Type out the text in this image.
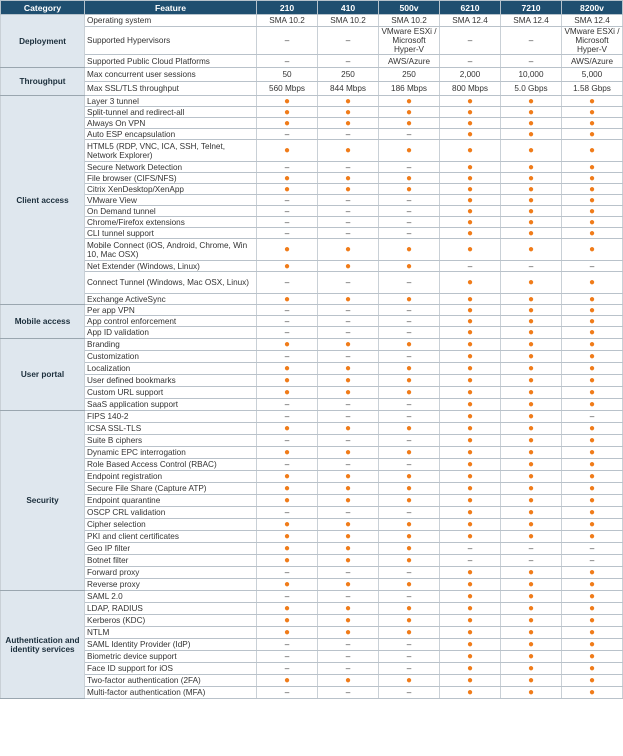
Category	Feature	210	410	500v	6210	7210	8200v
Deployment	Operating system	SMA 10.2	SMA 10.2	SMA 10.2	SMA 12.4	SMA 12.4	SMA 12.4
	Supported Hypervisors	–	–	VMware ESXi / Microsoft Hyper-V	–	–	VMware ESXi / Microsoft Hyper-V
	Supported Public Cloud Platforms	–	–	AWS/Azure	–	–	AWS/Azure
Throughput	Max concurrent user sessions	50	250	250	2,000	10,000	5,000
	Max SSL/TLS throughput	560 Mbps	844 Mbps	186 Mbps	800 Mbps	5.0 Gbps	1.58 Gbps
Client access	Layer 3 tunnel	●	●	●	●	●	●
	Split-tunnel and redirect-all	●	●	●	●	●	●
	Always On VPN	●	●	●	●	●	●
	Auto ESP encapsulation	–	–	–	●	●	●
	HTML5 (RDP, VNC, ICA, SSH, Telnet, Network Explorer)	●	●	●	●	●	●
	Secure Network Detection	–	–	–	●	●	●
	File browser (CIFS/NFS)	●	●	●	●	●	●
	Citrix XenDesktop/XenApp	●	●	●	●	●	●
	VMware View	–	–	–	●	●	●
	On Demand tunnel	–	–	–	●	●	●
	Chrome/Firefox extensions	–	–	–	●	●	●
	CLI tunnel support	–	–	–	●	●	●
	Mobile Connect (iOS, Android, Chrome, Win 10, Mac OSX)	●	●	●	●	●	●
	Net Extender (Windows, Linux)	●	●	●	–	–	–
	Connect Tunnel (Windows, Mac OSX, Linux)	–	–	–	●	●	●
	Exchange ActiveSync	●	●	●	●	●	●
Mobile access	Per app VPN	–	–	–	●	●	●
	App control enforcement	–	–	–	●	●	●
	App ID validation	–	–	–	●	●	●
User portal	Branding	●	●	●	●	●	●
	Customization	–	–	–	●	●	●
	Localization	●	●	●	●	●	●
	User defined bookmarks	●	●	●	●	●	●
	Custom URL support	●	●	●	●	●	●
	SaaS application support	–	–	–	●	●	●
Security	FIPS 140-2	–	–	–	●	●	–
	ICSA SSL-TLS	●	●	●	●	●	●
	Suite B ciphers	–	–	–	●	●	●
	Dynamic EPC interrogation	●	●	●	●	●	●
	Role Based Access Control (RBAC)	–	–	–	●	●	●
	Endpoint registration	●	●	●	●	●	●
	Secure File Share (Capture ATP)	●	●	●	●	●	●
	Endpoint quarantine	●	●	●	●	●	●
	OSCP CRL validation	–	–	–	●	●	●
	Cipher selection	●	●	●	●	●	●
	PKI and client certificates	●	●	●	●	●	●
	Geo IP filter	●	●	●	–	–	–
	Botnet filter	●	●	●	–	–	–
	Forward proxy	–	–	–	●	●	●
	Reverse proxy	●	●	●	●	●	●
Authentication and identity services	SAML 2.0	–	–	–	●	●	●
	LDAP, RADIUS	●	●	●	●	●	●
	Kerberos (KDC)	●	●	●	●	●	●
	NTLM	●	●	●	●	●	●
	SAML Identity Provider (IdP)	–	–	–	●	●	●
	Biometric device support	–	–	–	●	●	●
	Face ID support for iOS	–	–	–	●	●	●
	Two-factor authentication (2FA)	●	●	●	●	●	●
	Multi-factor authentication (MFA)	–	–	–	●	●	●
